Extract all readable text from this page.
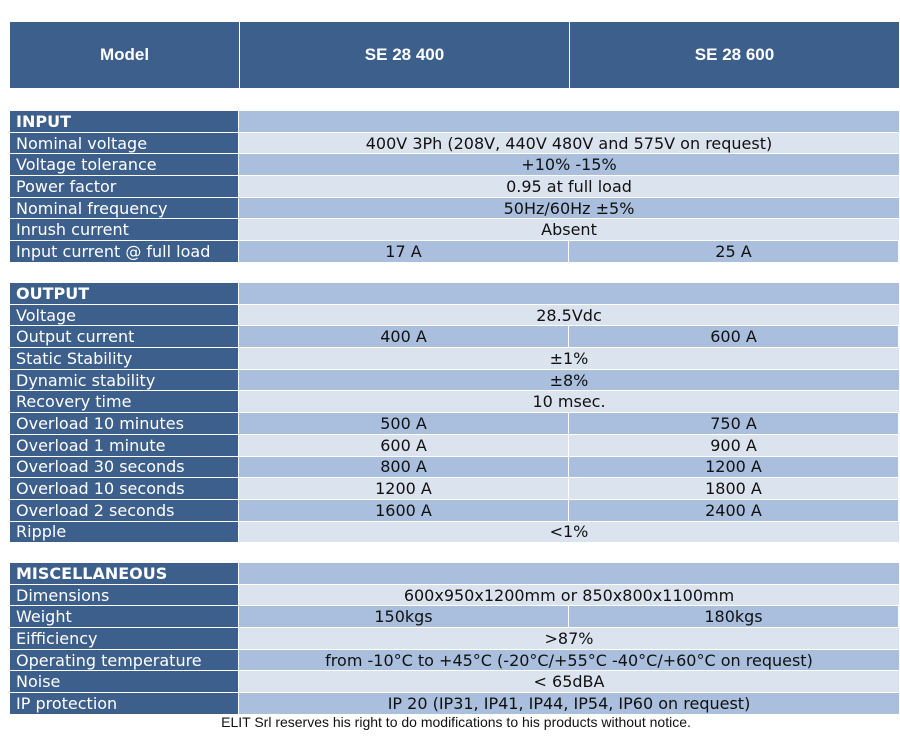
Model	SE 28 400	SE 28 600
INPUT
Nominal voltage	400V 3Ph (208V, 440V 480V and 575V on request)
Voltage tolerance	+10% -15%
Power factor	0.95 at full load
Nominal frequency	50Hz/60Hz ±5%
Inrush current	Absent
Input current @ full load	17 A	25 A
OUTPUT
Voltage	28.5Vdc
Output current	400 A	600 A
Static Stability	±1%
Dynamic stability	±8%
Recovery time	10 msec.
Overload 10 minutes	500 A	750 A
Overload 1 minute	600 A	900 A
Overload 30 seconds	800 A	1200 A
Overload 10 seconds	1200 A	1800 A
Overload 2 seconds	1600 A	2400 A
Ripple	<1%
MISCELLANEOUS
Dimensions	600x950x1200mm or 850x800x1100mm
Weight	150kgs	180kgs
Eifficiency	>87%
Operating temperature	from -10°C to +45°C (-20°C/+55°C -40°C/+60°C on request)
Noise	< 65dBA
IP protection	IP 20 (IP31, IP41, IP44, IP54, IP60 on request)
ELIT Srl reserves his right to do modifications to his products without notice.
